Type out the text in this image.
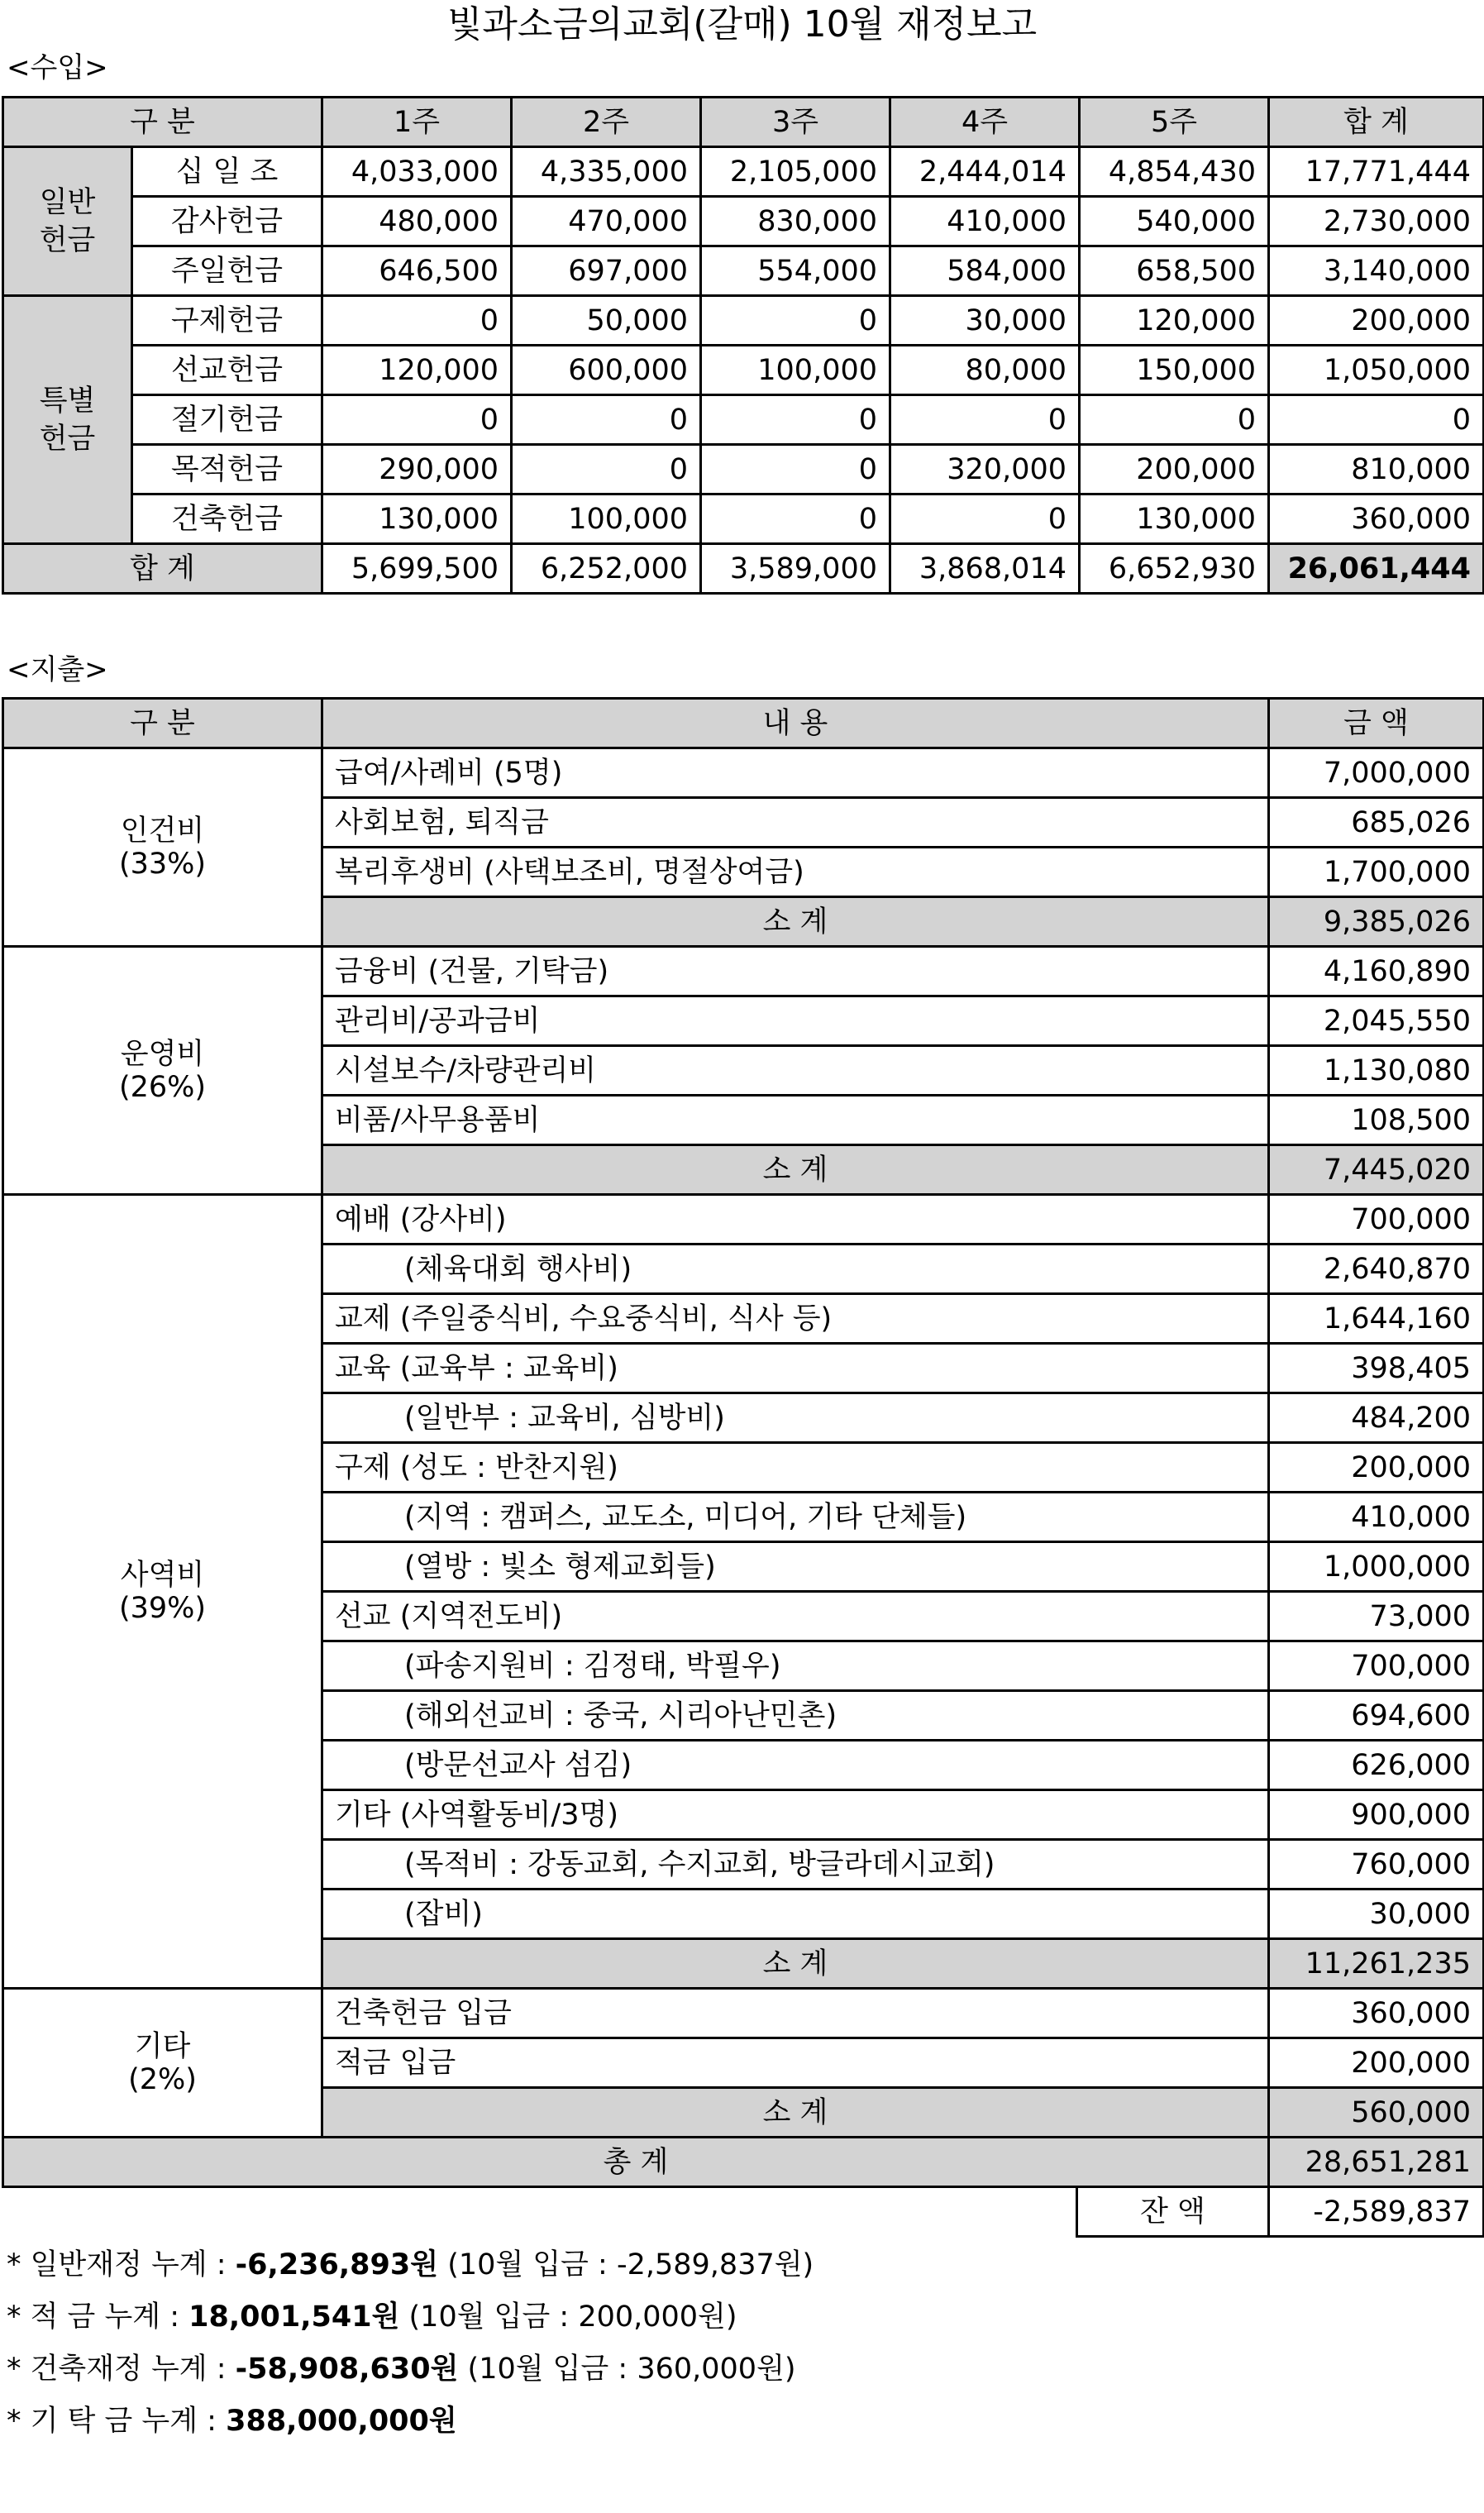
빛과소금의교회(갈매) 10월 재정보고
<수입>
구 분		1주	2주	3주	4주	5주	합 계
일반
헌금	십 일 조	4,033,000	4,335,000	2,105,000	2,444,014	4,854,430	17,771,444
	감사헌금	480,000	470,000	830,000	410,000	540,000	2,730,000
	주일헌금	646,500	697,000	554,000	584,000	658,500	3,140,000
특별
헌금	구제헌금	0	50,000	0	30,000	120,000	200,000
	선교헌금	120,000	600,000	100,000	80,000	150,000	1,050,000
	절기헌금	0	0	0	0	0	0
	목적헌금	290,000	0	0	320,000	200,000	810,000
	건축헌금	130,000	100,000	0	0	130,000	360,000
합 계		5,699,500	6,252,000	3,589,000	3,868,014	6,652,930	26,061,444
<지출>
구 분	내 용	금 액
인건비
(33%)	급여/사례비 (5명)	7,000,000
	사회보험, 퇴직금	685,026
	복리후생비 (사택보조비, 명절상여금)	1,700,000
	소 계	9,385,026
운영비
(26%)	금융비 (건물, 기탁금)	4,160,890
	관리비/공과금비	2,045,550
	시설보수/차량관리비	1,130,080
	비품/사무용품비	108,500
	소 계	7,445,020
사역비
(39%)	예배 (강사비)	700,000
	(체육대회 행사비)	2,640,870
	교제 (주일중식비, 수요중식비, 식사 등)	1,644,160
	교육 (교육부 : 교육비)	398,405
	(일반부 : 교육비, 심방비)	484,200
	구제 (성도 : 반찬지원)	200,000
	(지역 : 캠퍼스, 교도소, 미디어, 기타 단체들)	410,000
	(열방 : 빛소 형제교회들)	1,000,000
	선교 (지역전도비)	73,000
	(파송지원비 : 김정태, 박필우)	700,000
	(해외선교비 : 중국, 시리아난민촌)	694,600
	(방문선교사 섬김)	626,000
	기타 (사역활동비/3명)	900,000
	(목적비 : 강동교회, 수지교회, 방글라데시교회)	760,000
	(잡비)	30,000
	소 계	11,261,235
기타
(2%)	건축헌금 입금	360,000
	적금 입금	200,000
	소 계	560,000
총 계		28,651,281
* 일반재정 누계 : -6,236,893원 (10월 입금 : -2,589,837원)
* 적 금 누계 : 18,001,541원 (10월 입금 : 200,000원)
* 건축재정 누계 : -58,908,630원 (10월 입금 : 360,000원)
* 기 탁 금 누계 : 388,000,000원
잔 액	-2,589,837
